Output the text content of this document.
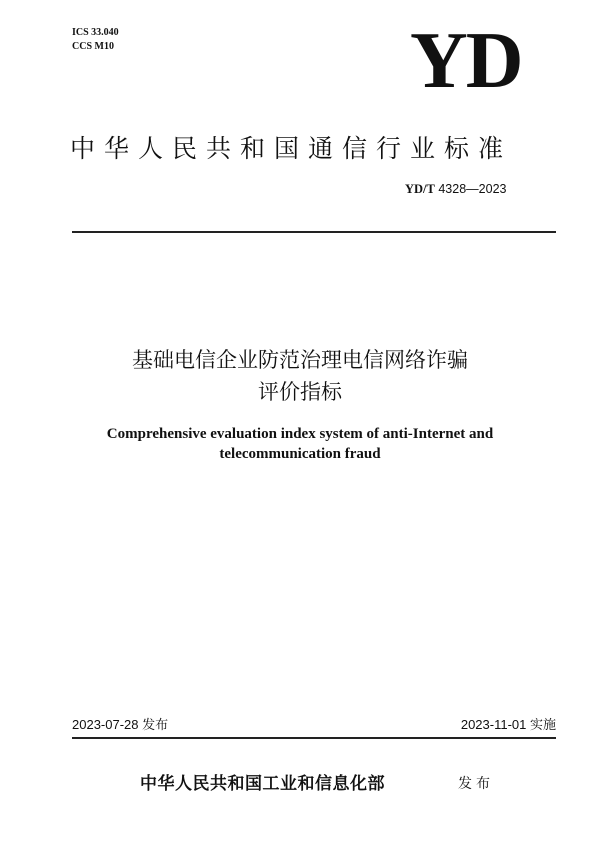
ICS 33.040
CCS M10	YD
中华人民共和国通信行业标准
YD/T 4328—2023
基础电信企业防范治理电信网络诈骗
评价指标
Comprehensive evaluation index system of anti-Internet and
telecommunication fraud
2023-07-28 发布	2023-11-01 实施
中华人民共和国工业和信息化部	发布
